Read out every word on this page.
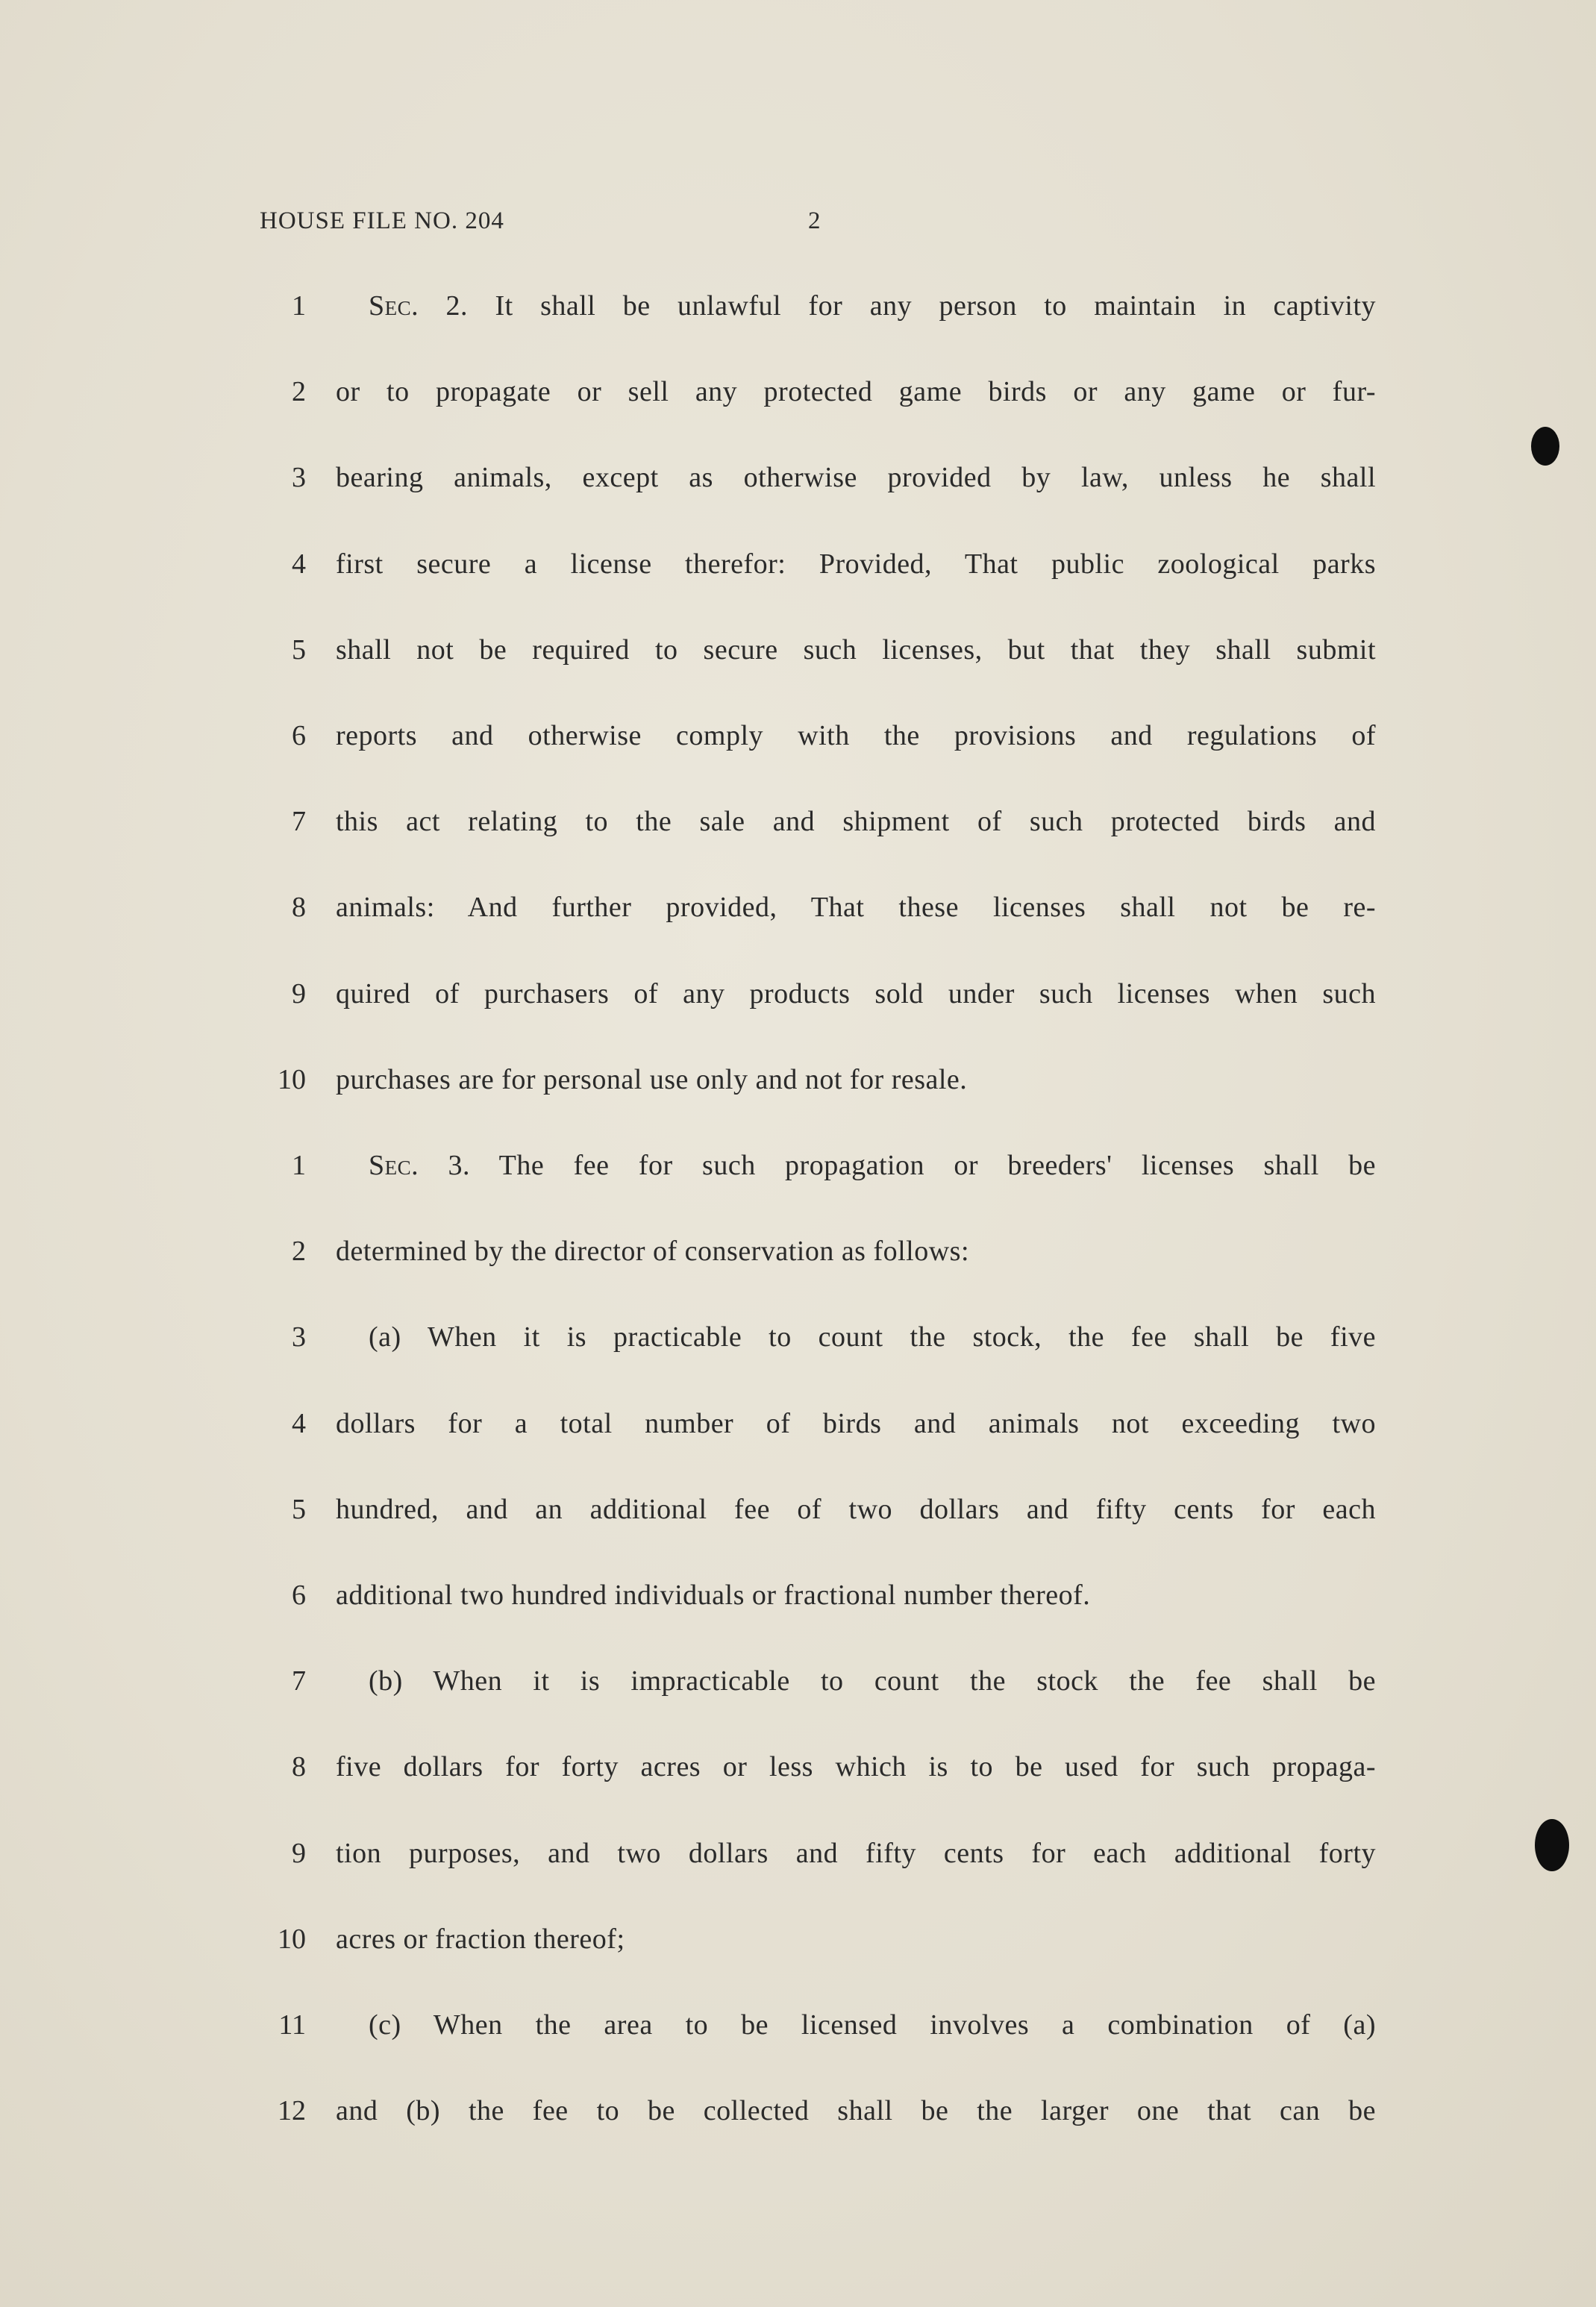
HOUSE FILE NO. 204	2
1 Sec. 2. It shall be unlawful for any person to maintain in captivity
2 or to propagate or sell any protected game birds or any game or fur-
3 bearing animals, except as otherwise provided by law, unless he shall
4 first secure a license therefor: Provided, That public zoological parks
5 shall not be required to secure such licenses, but that they shall submit
6 reports and otherwise comply with the provisions and regulations of
7 this act relating to the sale and shipment of such protected birds and
8 animals: And further provided, That these licenses shall not be re-
9 quired of purchasers of any products sold under such licenses when such
10 purchases are for personal use only and not for resale.
1 Sec. 3. The fee for such propagation or breeders' licenses shall be
2 determined by the director of conservation as follows:
3 (a) When it is practicable to count the stock, the fee shall be five
4 dollars for a total number of birds and animals not exceeding two
5 hundred, and an additional fee of two dollars and fifty cents for each
6 additional two hundred individuals or fractional number thereof.
7 (b) When it is impracticable to count the stock the fee shall be
8 five dollars for forty acres or less which is to be used for such propaga-
9 tion purposes, and two dollars and fifty cents for each additional forty
10 acres or fraction thereof;
11 (c) When the area to be licensed involves a combination of (a)
12 and (b) the fee to be collected shall be the larger one that can be
